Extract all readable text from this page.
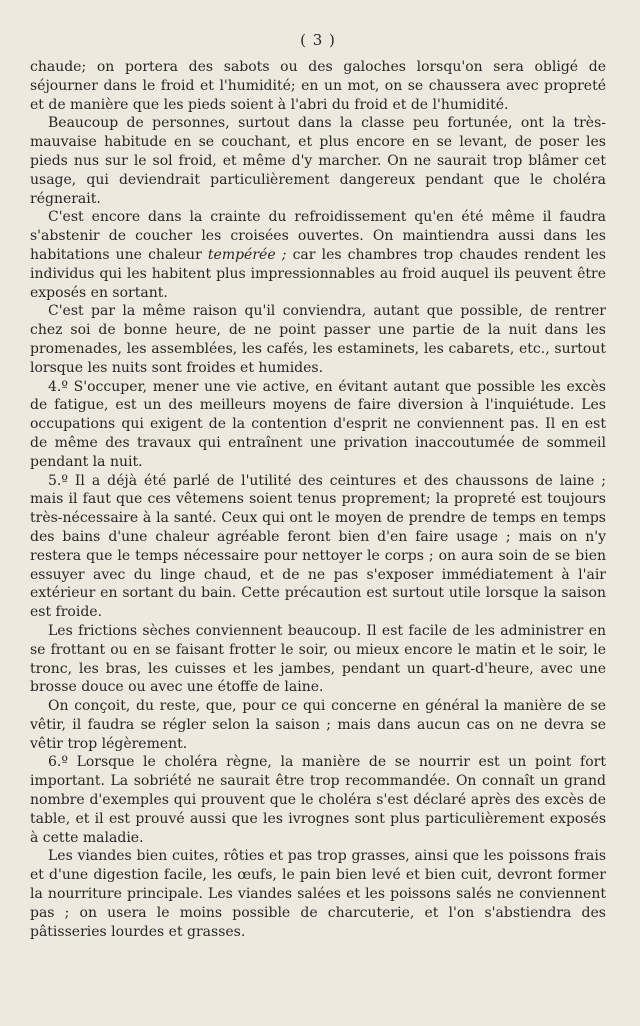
( 3 )

chaude; on portera des sabots ou des galoches lorsqu'on sera obligé de séjourner dans le froid et l'humidité; en un mot, on se chaussera avec propreté et de manière que les pieds soient à l'abri du froid et de l'humidité.

Beaucoup de personnes, surtout dans la classe peu fortunée, ont la très-mauvaise habitude en se couchant, et plus encore en se levant, de poser les pieds nus sur le sol froid, et même d'y marcher. On ne saurait trop blâmer cet usage, qui deviendrait particulièrement dangereux pendant que le choléra régnerait.

C'est encore dans la crainte du refroidissement qu'en été même il faudra s'abstenir de coucher les croisées ouvertes. On maintiendra aussi dans les habitations une chaleur tempérée ; car les chambres trop chaudes rendent les individus qui les habitent plus impressionnables au froid auquel ils peuvent être exposés en sortant.

C'est par la même raison qu'il conviendra, autant que possible, de rentrer chez soi de bonne heure, de ne point passer une partie de la nuit dans les promenades, les assemblées, les cafés, les estaminets, les cabarets, etc., surtout lorsque les nuits sont froides et humides.

4.º S'occuper, mener une vie active, en évitant autant que possible les excès de fatigue, est un des meilleurs moyens de faire diversion à l'inquiétude. Les occupations qui exigent de la contention d'esprit ne conviennent pas. Il en est de même des travaux qui entraînent une privation inaccoutumée de sommeil pendant la nuit.

5.º Il a déjà été parlé de l'utilité des ceintures et des chaussons de laine ; mais il faut que ces vêtemens soient tenus proprement; la propreté est toujours très-nécessaire à la santé. Ceux qui ont le moyen de prendre de temps en temps des bains d'une chaleur agréable feront bien d'en faire usage ; mais on n'y restera que le temps nécessaire pour nettoyer le corps ; on aura soin de se bien essuyer avec du linge chaud, et de ne pas s'exposer immédiatement à l'air extérieur en sortant du bain. Cette précaution est surtout utile lorsque la saison est froide.

Les frictions sèches conviennent beaucoup. Il est facile de les administrer en se frottant ou en se faisant frotter le soir, ou mieux encore le matin et le soir, le tronc, les bras, les cuisses et les jambes, pendant un quart-d'heure, avec une brosse douce ou avec une étoffe de laine.

On conçoit, du reste, que, pour ce qui concerne en général la manière de se vêtir, il faudra se régler selon la saison ; mais dans aucun cas on ne devra se vêtir trop légèrement.

6.º Lorsque le choléra règne, la manière de se nourrir est un point fort important. La sobriété ne saurait être trop recommandée. On connaît un grand nombre d'exemples qui prouvent que le choléra s'est déclaré après des excès de table, et il est prouvé aussi que les ivrognes sont plus particulièrement exposés à cette maladie.

Les viandes bien cuites, rôties et pas trop grasses, ainsi que les poissons frais et d'une digestion facile, les œufs, le pain bien levé et bien cuit, devront former la nourriture principale. Les viandes salées et les poissons salés ne conviennent pas ; on usera le moins possible de charcuterie, et l'on s'abstiendra des pâtisseries lourdes et grasses.
